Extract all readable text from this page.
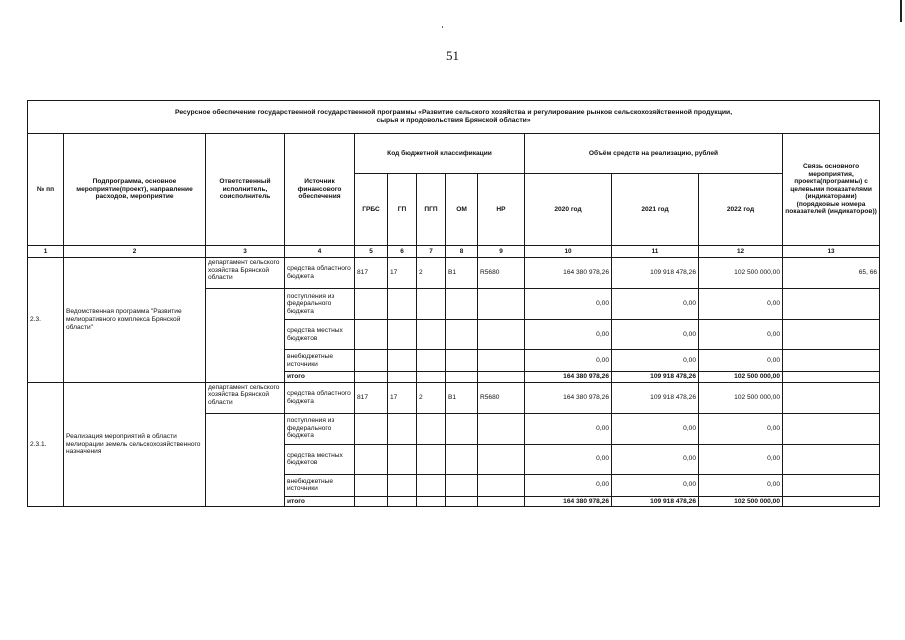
51
Ресурсное обеспечение государственной государственной программы «Развитие сельского хозяйства и регулирование рынков сельскохозяйственной продукции,
сырья и продовольствия Брянской области»												

№ пп	Подпрограмма, основное мероприятие(проект), направление расходов, мероприятие	Ответственный исполнитель, соисполнитель	Источник финансового обеспечения	Код бюджетной классификации					Объём средств на реализацию, рублей			Связь основного мероприятия, проекта(программы) с целевыми показателями (индикаторами) (порядковые номера показателей (индикаторов))
				ГРБС	ГП	ПГП	ОМ	НР	2020 год	2021 год	2022 год	
1	2	3	4	5	6	7	8	9	10	11	12	13
2.3.	Ведомственная программа "Развитие мелиоративного комплекса Брянской области"	департамент сельского хозяйства Брянской области	средства областного бюджета	817	17	2	В1	R5680	164 380 978,26	109 918 478,26	102 500 000,00	65, 66
			поступления из федерального бюджета						0,00	0,00	0,00	
			средства местных бюджетов						0,00	0,00	0,00	
			внебюджетные источники						0,00	0,00	0,00	
			итого						164 380 978,26	109 918 478,26	102 500 000,00	
2.3.1.	Реализация мероприятий в области мелиорации земель сельскохозяйственного назначения	департамент сельского хозяйства Брянской области	средства областного бюджета	817	17	2	В1	R5680	164 380 978,26	109 918 478,26	102 500 000,00	
			поступления из федерального бюджета						0,00	0,00	0,00	
			средства местных бюджетов						0,00	0,00	0,00	
			внебюджетные источники						0,00	0,00	0,00	
			итого						164 380 978,26	109 918 478,26	102 500 000,00	
